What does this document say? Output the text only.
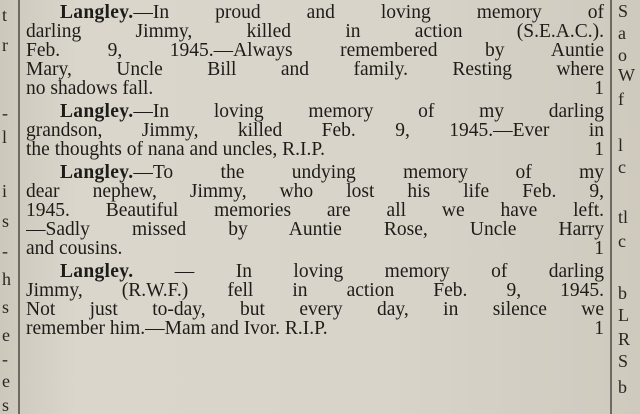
t
r
-
l
i
s
-
h
s
e
-
e
s
Langley.—In proud and loving memory of
darling Jimmy, killed in action (S.E.A.C.).
Feb. 9, 1945.—Always remembered by Auntie
Mary, Uncle Bill and family. Resting where
no shadows fall.	1
Langley.—In loving memory of my darling
grandson, Jimmy, killed Feb. 9, 1945.—Ever in
the thoughts of nana and uncles, R.I.P.	1
Langley.—To the undying memory of my
dear nephew, Jimmy, who lost his life Feb. 9,
1945. Beautiful memories are all we have left.
—Sadly missed by Auntie Rose, Uncle Harry
and cousins.	1
Langley. — In loving memory of darling
Jimmy, (R.W.F.) fell in action Feb. 9, 1945.
Not just to-day, but every day, in silence we
remember him.—Mam and Ivor. R.I.P.	1
S
a
o
W
f
l
c
tl
c
b
L
R
S
b
